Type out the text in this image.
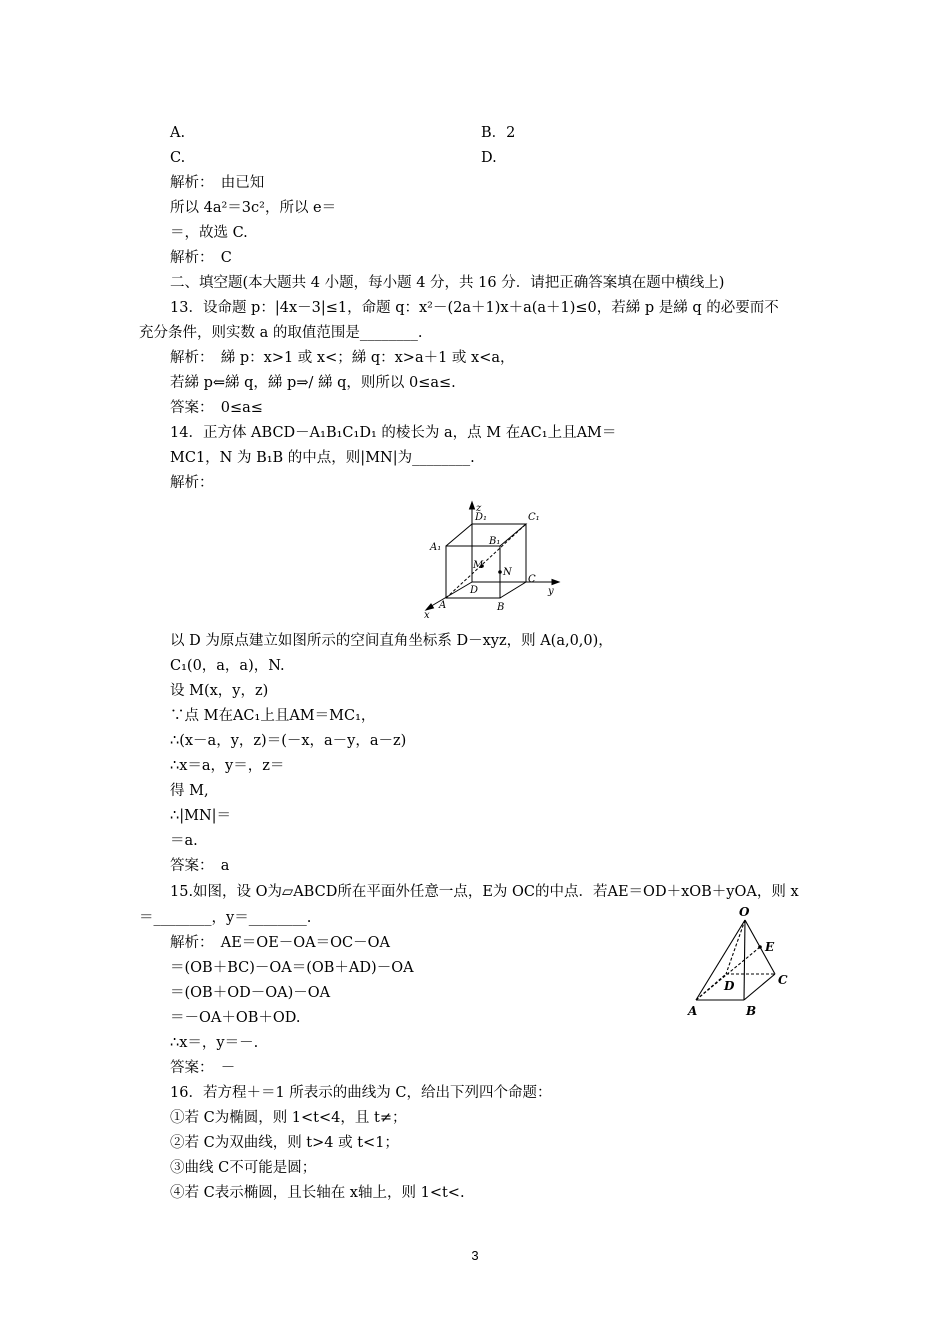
A.	B．2
C.	D.
解析：　由已知
所以 4a²＝3c²，所以 e＝
＝，故选 C.
解析：　C
二、填空题(本大题共 4 小题，每小题 4 分，共 16 分．请把正确答案填在题中横线上)
13．设命题 p：|4x－3|≤1，命题 q：x²－(2a＋1)x＋a(a＋1)≤0，若綈 p 是綈 q 的必要而不
充分条件，则实数 a 的取值范围是________.
解析：　綈 p：x>1 或 x<；綈 q：x>a＋1 或 x<a，
若綈 p⇐綈 q，綈 p⇒/ 綈 q，则所以 0≤a≤.
答案：　0≤a≤
14．正方体 ABCD－A₁B₁C₁D₁ 的棱长为 a，点 M 在AC₁上且AM＝
MC1，N 为 B₁B 的中点，则|MN|为________.
解析：
z
y
x
D₁	C₁
A₁
B₁
M
N
C
D
A	B
以 D 为原点建立如图所示的空间直角坐标系 D－xyz，则 A(a,0,0)，
C₁(0，a，a)，N.
设 M(x，y，z)
∵点 M在AC₁上且AM＝MC₁，
∴(x－a，y，z)＝(－x，a－y，a－z)
∴x＝a，y＝，z＝
得 M,
∴|MN|＝
＝a.
答案：　a
15.如图，设 O为▱ABCD所在平面外任意一点，E为 OC的中点．若AE＝OD＋xOB＋yOA，则 x
＝________，y＝________.
解析：　AE＝OE－OA＝OC－OA
＝(OB＋BC)－OA＝(OB＋AD)－OA
＝(OB＋OD－OA)－OA
＝－OA＋OB＋OD.
∴x＝，y＝－.
答案：　－
O
E
C
D
A	B
16．若方程＋＝1 所表示的曲线为 C，给出下列四个命题：
①若 C为椭圆，则 1<t<4，且 t≠；
②若 C为双曲线，则 t>4 或 t<1；
③曲线 C不可能是圆；
④若 C表示椭圆，且长轴在 x轴上，则 1<t<.
3
